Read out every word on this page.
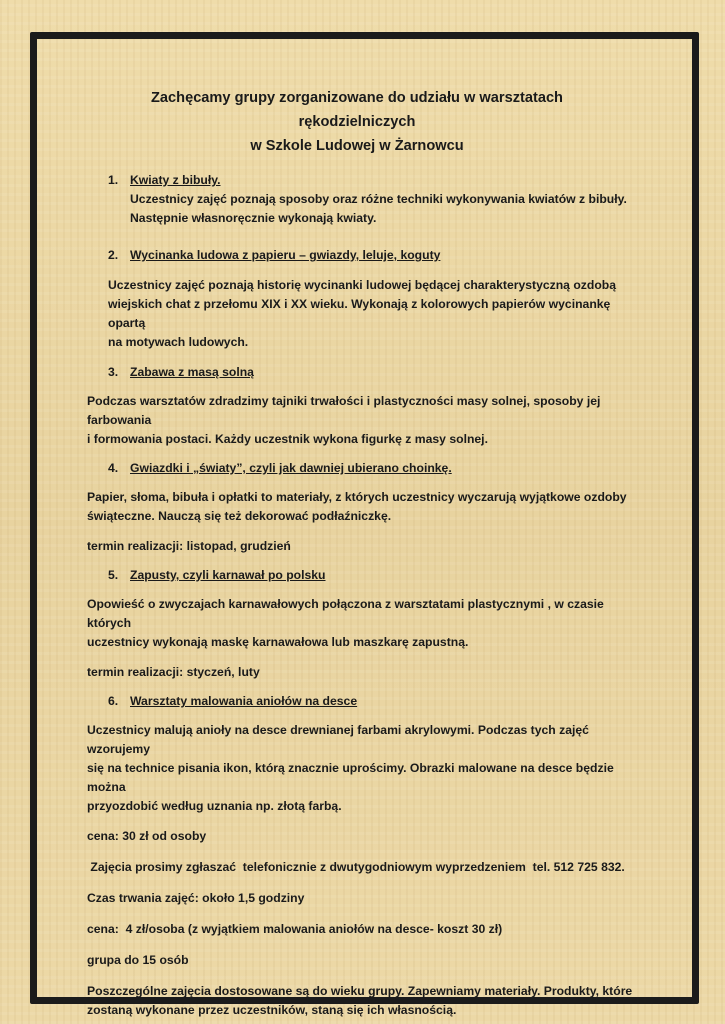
Zachęcamy grupy zorganizowane do udziału w warsztatach
rękodzielniczych
w Szkole Ludowej w Żarnowcu
1. Kwiaty z bibuły.

Uczestnicy zajęć poznają sposoby oraz różne techniki wykonywania kwiatów z bibuły.

Następnie własnoręcznie wykonają kwiaty.

2. Wycinanka ludowa z papieru – gwiazdy, leluje, koguty

Uczestnicy zajęć poznają historię wycinanki ludowej będącej charakterystyczną ozdobą

wiejskich chat z przełomu XIX i XX wieku. Wykonają z kolorowych papierów wycinankę opartą

na motywach ludowych.

3. Zabawa z masą solną

Podczas warsztatów zdradzimy tajniki trwałości i plastyczności masy solnej, sposoby jej farbowania

i formowania postaci. Każdy uczestnik wykona figurkę z masy solnej.

4. Gwiazdki i „światy”, czyli jak dawniej ubierano choinkę.

Papier, słoma, bibuła i opłatki to materiały, z których uczestnicy wyczarują wyjątkowe ozdoby

świąteczne. Nauczą się też dekorować podłaźniczkę.

termin realizacji: listopad, grudzień

5. Zapusty, czyli karnawał po polsku

Opowieść o zwyczajach karnawałowych połączona z warsztatami plastycznymi , w czasie których

uczestnicy wykonają maskę karnawałowa lub maszkarę zapustną.

termin realizacji: styczeń, luty

6. Warsztaty malowania aniołów na desce

Uczestnicy malują anioły na desce drewnianej farbami akrylowymi. Podczas tych zajęć wzorujemy

się na technice pisania ikon, którą znacznie uprościmy. Obrazki malowane na desce będzie można

przyozdobić według uznania np. złotą farbą.

cena: 30 zł od osoby

Zajęcia prosimy zgłaszać  telefonicznie z dwutygodniowym wyprzedzeniem  tel. 512 725 832.

Czas trwania zajęć: około 1,5 godziny

cena:  4 zł/osoba (z wyjątkiem malowania aniołów na desce- koszt 30 zł)

grupa do 15 osób

Poszczególne zajęcia dostosowane są do wieku grupy. Zapewniamy materiały. Produkty, które

zostaną wykonane przez uczestników, staną się ich własnością.
